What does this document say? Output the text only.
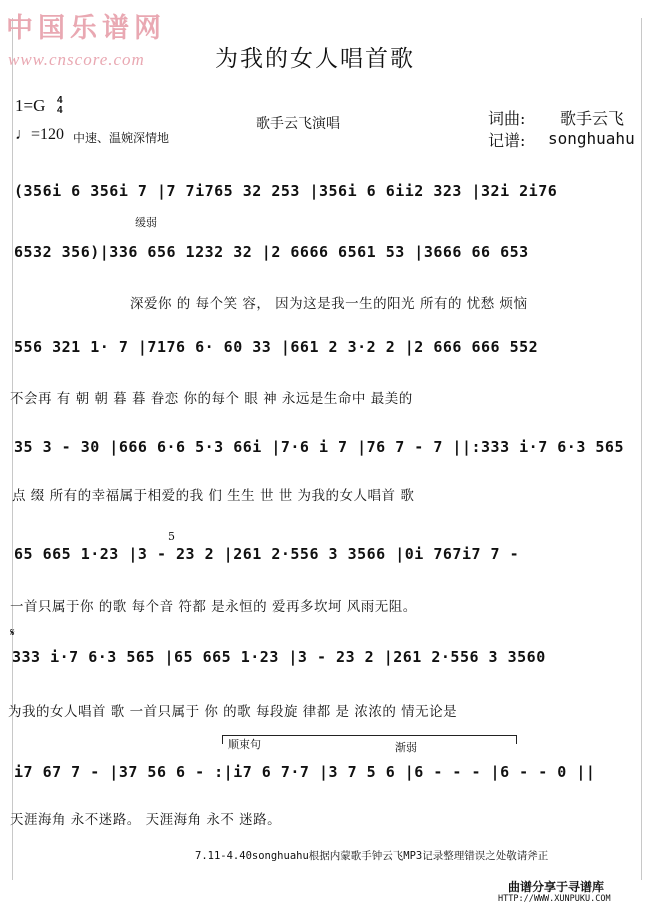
中国乐谱网
www.cnscore.com	为我的女人唱首歌
1=G 4
4
♩=120 中速、温婉深情地
歌手云飞演唱	词曲: 歌手云飞
记谱: songhuahu
(356i 6 356i 7 |7 7i765 32 253 |356i 6 6ii2 323 |32i 2i76
缓弱
6532 356)|336 656 1232 32 |2 6666 6561 53 |3666 66 653
深爱你 的 每个笑 容， 因为这是我一生的阳光 所有的 忧愁 烦恼
556 321 1· 7 |7176 6· 60 33 |661 2 3·2 2 |2 666 666 552
不会再 有 朝 朝 暮 暮 眷恋 你的每个 眼 神 永远是生命中 最美的
35 3 - 30 |666 6·6 5·3 66i |7·6 i 7 |76 7 - 7 ||:333 i·7 6·3 565
点 缀 所有的幸福属于相爱的我 们 生生 世 世 为我的女人唱首 歌
5
65 665 1·23 |3 - 23 2 |261 2·556 3 3566 |0i 767i7 7 -
一首只属于你 的歌 每个音 符都 是永恒的 爱再多坎坷 风雨无阻。
𝄋
333 i·7 6·3 565 |65 665 1·23 |3 - 23 2 |261 2·556 3 3560
为我的女人唱首 歌 一首只属于 你 的歌 每段旋 律都 是 浓浓的 情无论是
顺束句	渐弱
i7 67 7 - |37 56 6 - :|i7 6 7·7 |3 7 5 6 |6 - - - |6 - - 0 ||
天涯海角 永不迷路。 天涯海角 永不 迷路。
7.11-4.40songhuahu根据内蒙歌手钟云飞MP3记录整理错误之处敬请斧正
曲谱分享于寻谱库
HTTP://WWW.XUNPUKU.COM
